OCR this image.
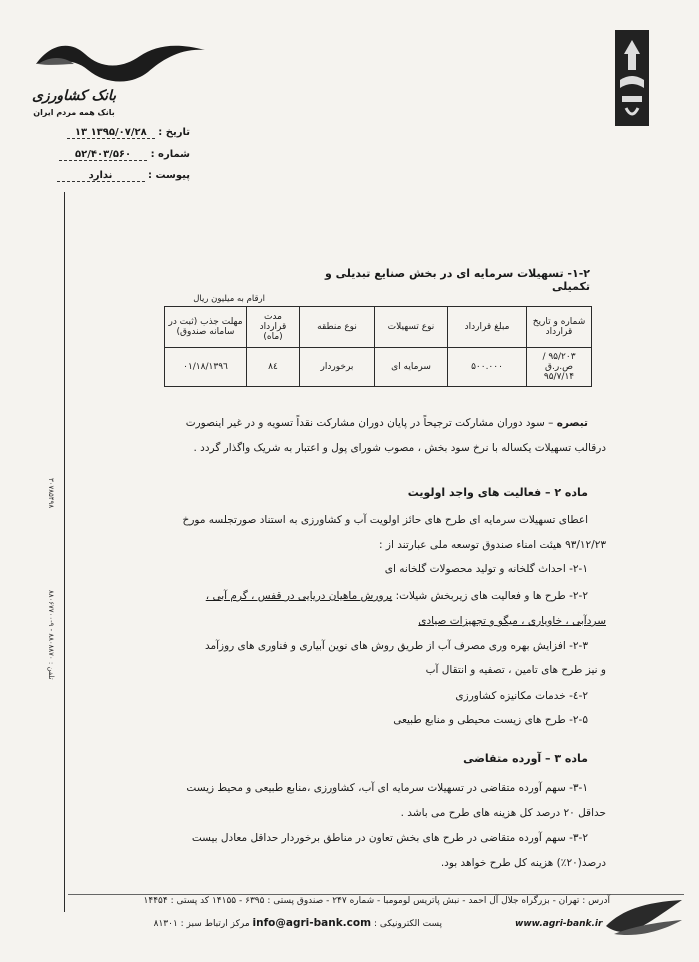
بانک کشاورزی
بانک همه مردم ایران
تاریخ : ۱۳۹۵/۰۷/۲۸ ۱۳
شماره : ۵۲/۴۰۳/۵۶۰
پیوست : ندارد
۱-۲- تسهیلات سرمایه ای در بخش صنایع تبدیلی و تکمیلی
ارقام به میلیون ریال
شماره و تاریخ قرارداد	مبلغ قرارداد	نوع تسهیلات	نوع منطقه	مدت قرارداد (ماه)	مهلت جذب (ثبت در سامانه صندوق)
۹۵/۲۰۳ /ص.ر.ق ۹۵/۷/۱۴	۵۰۰.۰۰۰	سرمایه ای	برخوردار	۸٤	۱۳۹٦/۰۱/۱۸
تبصره – سود دوران مشارکت ترجیحاً در پایان دوران مشارکت نقداً تسویه و در غیر اینصورت
درقالب تسهیلات یکساله با نرخ سود بخش ، مصوب شورای پول و اعتبار به شریک واگذار گردد .
ماده ۲ – فعالیت های واجد اولویت
اعطای تسهیلات سرمایه ای طرح های حائز اولویت آب و کشاورزی به استناد صورتجلسه مورخ
۹۳/۱۲/۲۳ هیئت امناء صندوق توسعه ملی عبارتند از :
۲-۱- احداث گلخانه و تولید محصولات گلخانه ای
۲-۲- طرح ها و فعالیت های زیربخش شیلات: پرورش ماهیان دریایی در قفس ، گرم آبی ،
سردآبی ، خاویاری ، میگو و تجهیزات صیادی
۲-۳- افزایش بهره وری مصرف آب از طریق روش های نوین آبیاری و فناوری های روزآمد
و نیز طرح های تامین ، تصفیه و انتقال آب
۲-٤- خدمات مکانیزه کشاورزی
۲-۵- طرح های زیست محیطی و منابع طبیعی
ماده ۳ – آورده متقاضی
۳-۱- سهم آورده متقاضی در تسهیلات سرمایه ای آب، کشاورزی ،منابع طبیعی و محیط زیست
حداقل ۲۰ درصد کل هزینه های طرح می باشد .
۳-۲- سهم آورده متقاضی در طرح های بخش تعاون در مناطق برخوردار حداقل معادل بیست
درصد(۲۰٪) هزینه کل طرح خواهد بود.
۳۰۷۸۵۴۹۸
تلفن : ۸۸۰۸۸۷۰ - ۹-۸۸۰۶۷۷۰۰
آدرس : تهران - بزرگراه جلال آل احمد - نبش پاتریس لومومبا - شماره ۲۴۷ - صندوق پستی : ۶۳۹۵ - ۱۴۱۵۵ کد پستی : ۱۴۴۵۴
پست الکترونیکی : info@agri-bank.com مرکز ارتباط سبز : ۸۱۳۰۱	www.agri-bank.ir
